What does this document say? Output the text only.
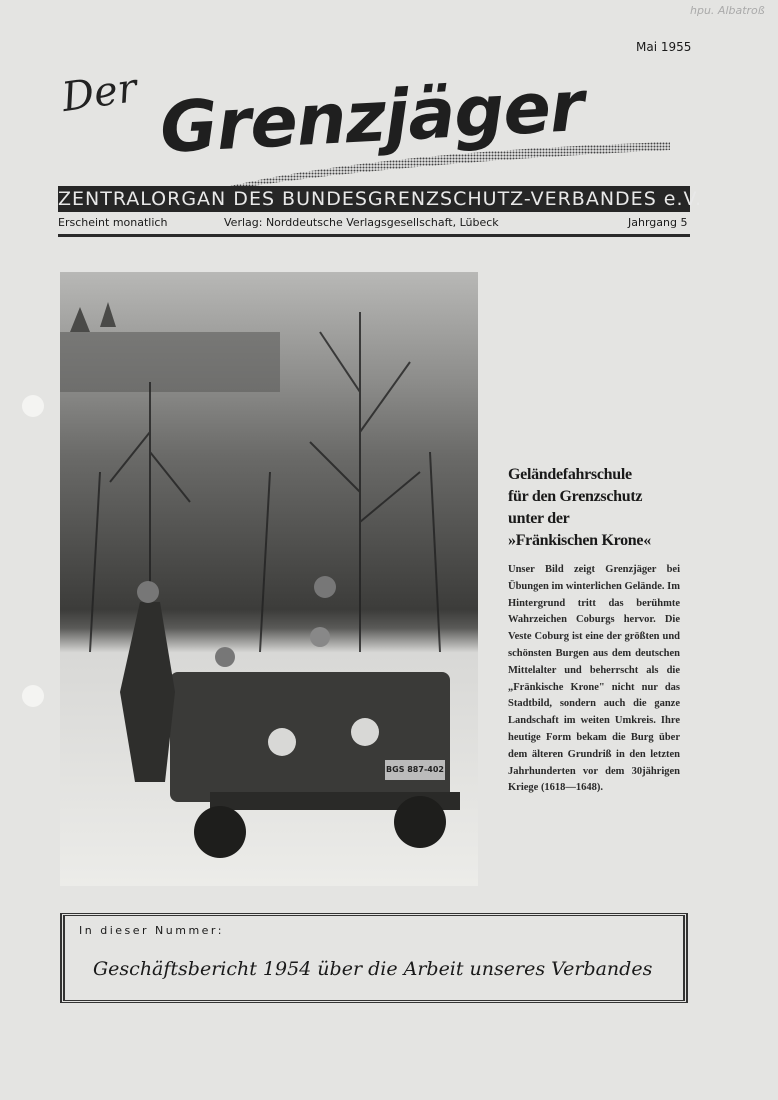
hpu. Albatroß
Mai 1955
Der Grenzjäger
ZENTRALORGAN DES BUNDESGRENZSCHUTZ-VERBANDES e.V.
Erscheint monatlich	Verlag: Norddeutsche Verlagsgesellschaft, Lübeck	Jahrgang 5
BGS 887-402
Geländefahrschule
für den Grenzschutz
unter der
»Fränkischen Krone«

Unser Bild zeigt Grenzjäger bei Übungen im winterlichen Gelände. Im Hintergrund tritt das berühmte Wahrzeichen Coburgs hervor. Die Veste Coburg ist eine der größten und schönsten Burgen aus dem deutschen Mittelalter und beherrscht als die „Fränkische Krone" nicht nur das Stadtbild, sondern auch die ganze Landschaft im weiten Umkreis. Ihre heutige Form bekam die Burg über dem älteren Grundriß in den letzten Jahrhunderten vor dem 30jährigen Kriege (1618—1648).

In dieser Nummer:
Geschäftsbericht 1954 über die Arbeit unseres Verbandes
